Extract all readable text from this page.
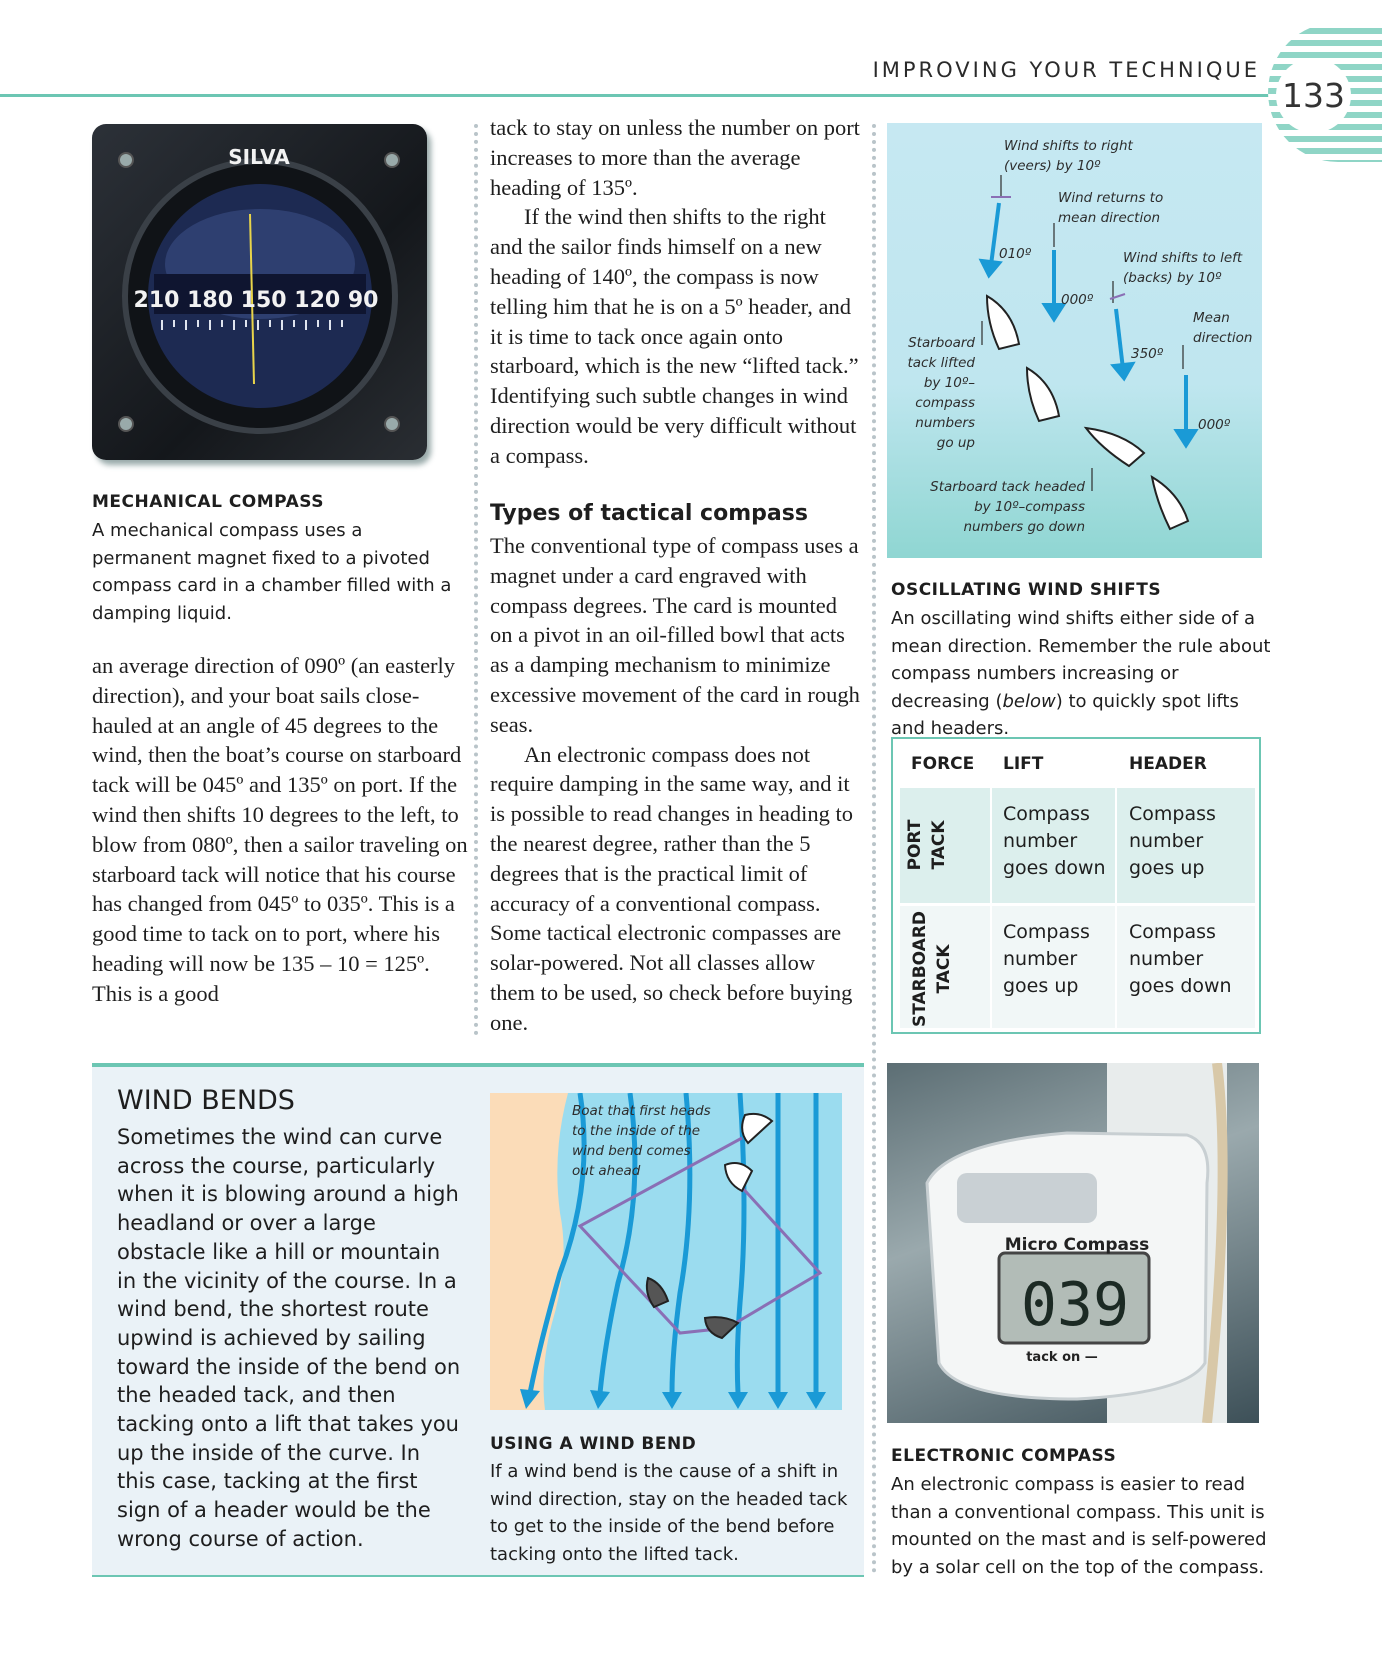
IMPROVING YOUR TECHNIQUE
133
SILVA
210 180 150 120 90
MECHANICAL COMPASS
A mechanical compass uses a permanent magnet fixed to a pivoted compass card in a chamber filled with a damping liquid.
an average direction of 090º (an easterly direction), and your boat sails close-hauled at an angle of 45 degrees to the wind, then the boat’s course on starboard tack will be 045º and 135º on port. If the wind then shifts 10 degrees to the left, to blow from 080º, then a sailor traveling on starboard tack will notice that his course has changed from 045º to 035º. This is a good time to tack on to port, where his heading will now be 135 – 10 = 125º. This is a good

tack to stay on unless the number on port increases to more than the average heading of 135º.

If the wind then shifts to the right and the sailor finds himself on a new heading of 140º, the compass is now telling him that he is on a 5º header, and it is time to tack once again onto starboard, which is the new “lifted tack.” Identifying such subtle changes in wind direction would be very difficult without a compass.

Types of tactical compass

The conventional type of compass uses a magnet under a card engraved with compass degrees. The card is mounted on a pivot in an oil-filled bowl that acts as a damping mechanism to minimize excessive movement of the card in rough seas.

An electronic compass does not require damping in the same way, and it is possible to read changes in heading to the nearest degree, rather than the 5 degrees that is the practical limit of accuracy of a conventional compass. Some tactical electronic compasses are solar-powered. Not all classes allow them to be used, so check before buying one.

Wind shifts to right
(veers) by 10º
Wind returns to
mean direction
Wind shifts to left
(backs) by 10º
Mean
direction
Starboard
tack lifted
by 10º–
compass
numbers
go up
Starboard tack headed
by 10º–compass
numbers go down
010º
000º
350º
000º
OSCILLATING WIND SHIFTS
An oscillating wind shifts either side of a mean direction. Remember the rule about compass numbers increasing or decreasing (below) to quickly spot lifts and headers.
FORCE LIFT	HEADER
PORT TACK
STARBOARD TACK
Compass
number
goes down
Compass
number
goes up
Compass
number
goes up
Compass
number
goes down
WIND BENDS
Sometimes the wind can curve across the course, particularly when it is blowing around a high headland or over a large obstacle like a hill or mountain in the vicinity of the course. In a wind bend, the shortest route upwind is achieved by sailing toward the inside of the bend on the headed tack, and then tacking onto a lift that takes you up the inside of the curve. In this case, tacking at the first sign of a header would be the wrong course of action.
Boat that first heads
to the inside of the
wind bend comes
out ahead
USING A WIND BEND
If a wind bend is the cause of a shift in wind direction, stay on the headed tack to get to the inside of the bend before tacking onto the lifted tack.
Micro Compass
039
tack on —
ELECTRONIC COMPASS
An electronic compass is easier to read than a conventional compass. This unit is mounted on the mast and is self-powered by a solar cell on the top of the compass.
